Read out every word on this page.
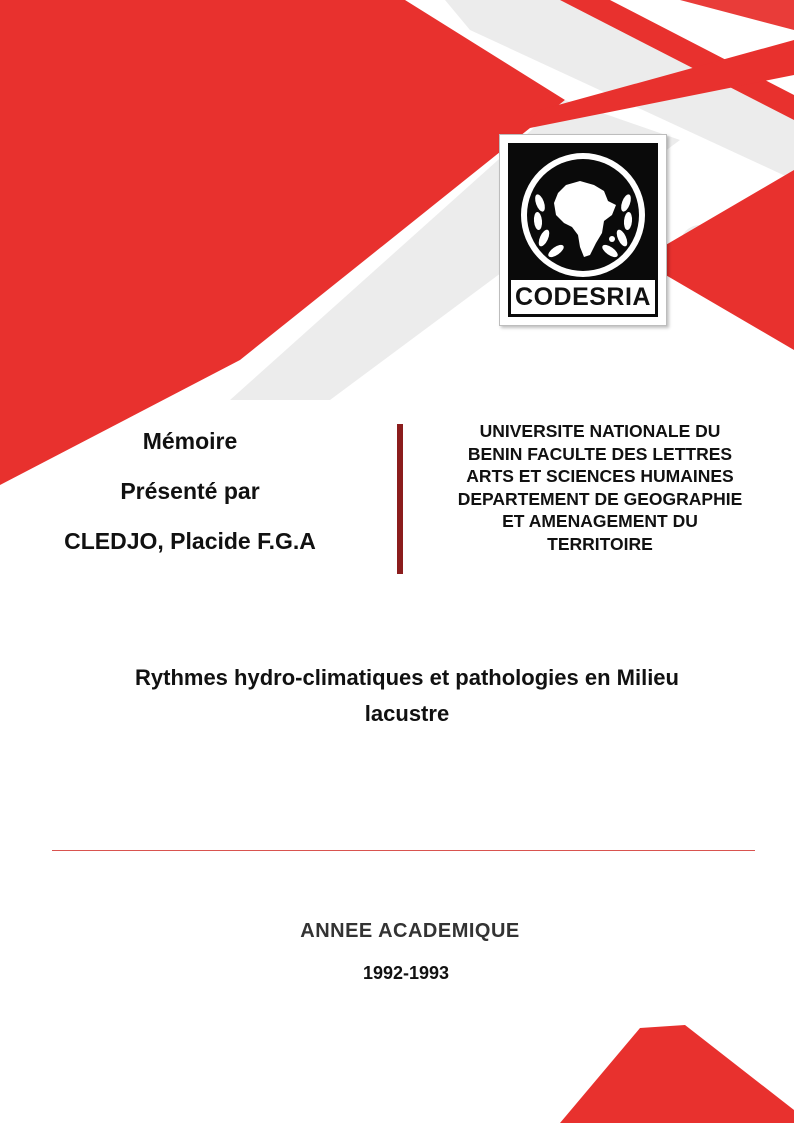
CODESRIA
Mémoire
Présenté par
CLEDJO, Placide F.G.A
UNIVERSITE NATIONALE DU
BENIN FACULTE DES LETTRES
ARTS ET SCIENCES HUMAINES
DEPARTEMENT DE GEOGRAPHIE
ET AMENAGEMENT DU
TERRITOIRE
Rythmes hydro-climatiques et pathologies en Milieu
lacustre
ANNEE ACADEMIQUE
1992-1993
